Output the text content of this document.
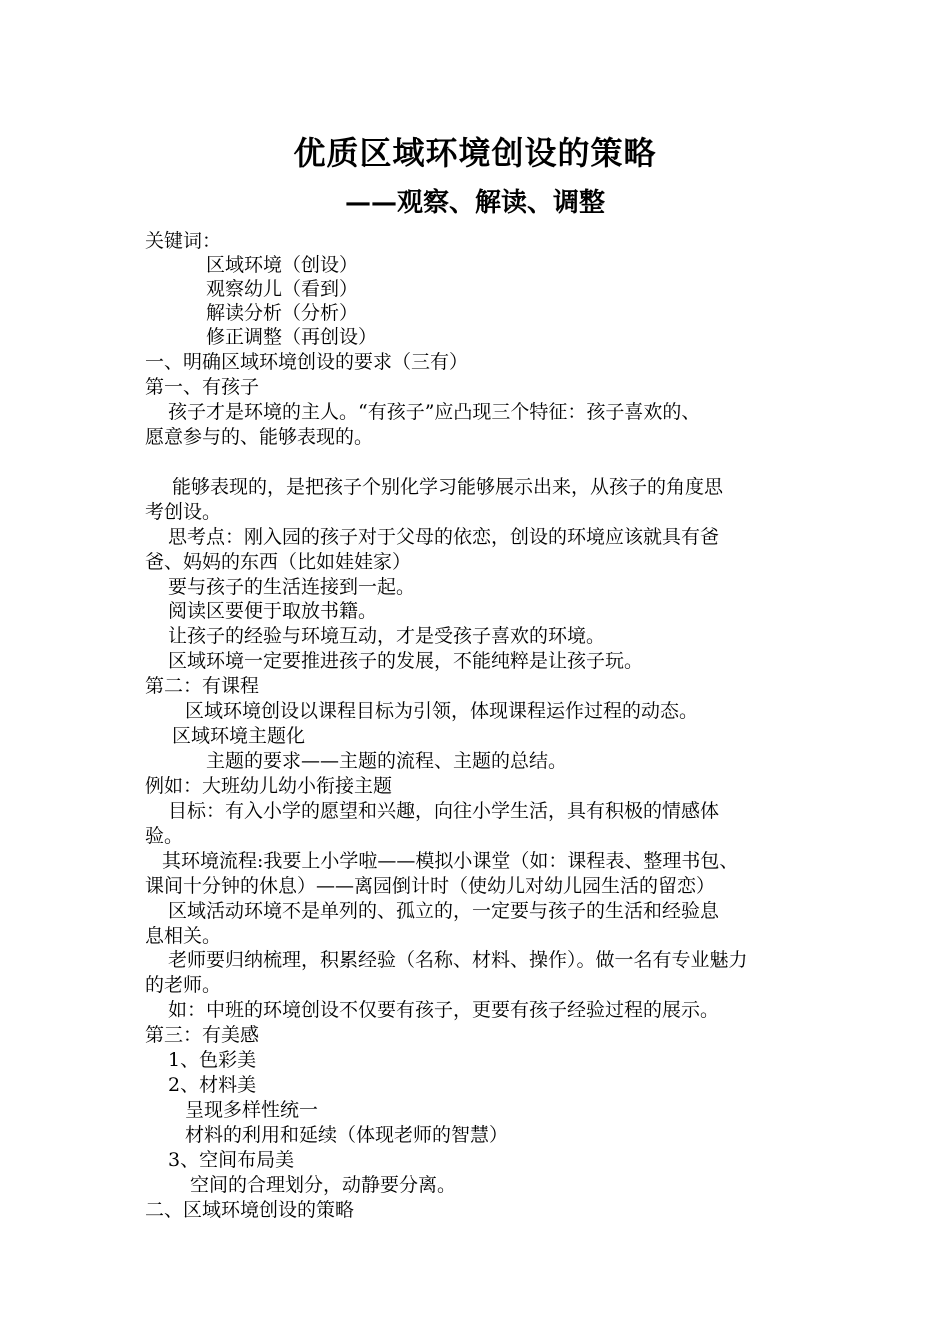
优质区域环境创设的策略
——观察、解读、调整
关键词：
区域环境（创设）
观察幼儿（看到）
解读分析（分析）
修正调整（再创设）
一、明确区域环境创设的要求（三有）
第一、有孩子
孩子才是环境的主人。“有孩子”应凸现三个特征：孩子喜欢的、
愿意参与的、能够表现的。
能够表现的，是把孩子个别化学习能够展示出来，从孩子的角度思
考创设。
思考点：刚入园的孩子对于父母的依恋，创设的环境应该就具有爸
爸、妈妈的东西（比如娃娃家）
要与孩子的生活连接到一起。
阅读区要便于取放书籍。
让孩子的经验与环境互动，才是受孩子喜欢的环境。
区域环境一定要推进孩子的发展，不能纯粹是让孩子玩。
第二：有课程
区域环境创设以课程目标为引领，体现课程运作过程的动态。
区域环境主题化
主题的要求——主题的流程、主题的总结。
例如：大班幼儿幼小衔接主题
目标：有入小学的愿望和兴趣，向往小学生活，具有积极的情感体
验。
其环境流程:我要上小学啦——模拟小课堂（如：课程表、整理书包、
课间十分钟的休息）——离园倒计时（使幼儿对幼儿园生活的留恋）
区域活动环境不是单列的、孤立的，一定要与孩子的生活和经验息
息相关。
老师要归纳梳理，积累经验（名称、材料、操作）。做一名有专业魅力
的老师。
如：中班的环境创设不仅要有孩子，更要有孩子经验过程的展示。
第三：有美感
1、色彩美
2、材料美
呈现多样性统一
材料的利用和延续（体现老师的智慧）
3、空间布局美
空间的合理划分，动静要分离。
二、区域环境创设的策略
